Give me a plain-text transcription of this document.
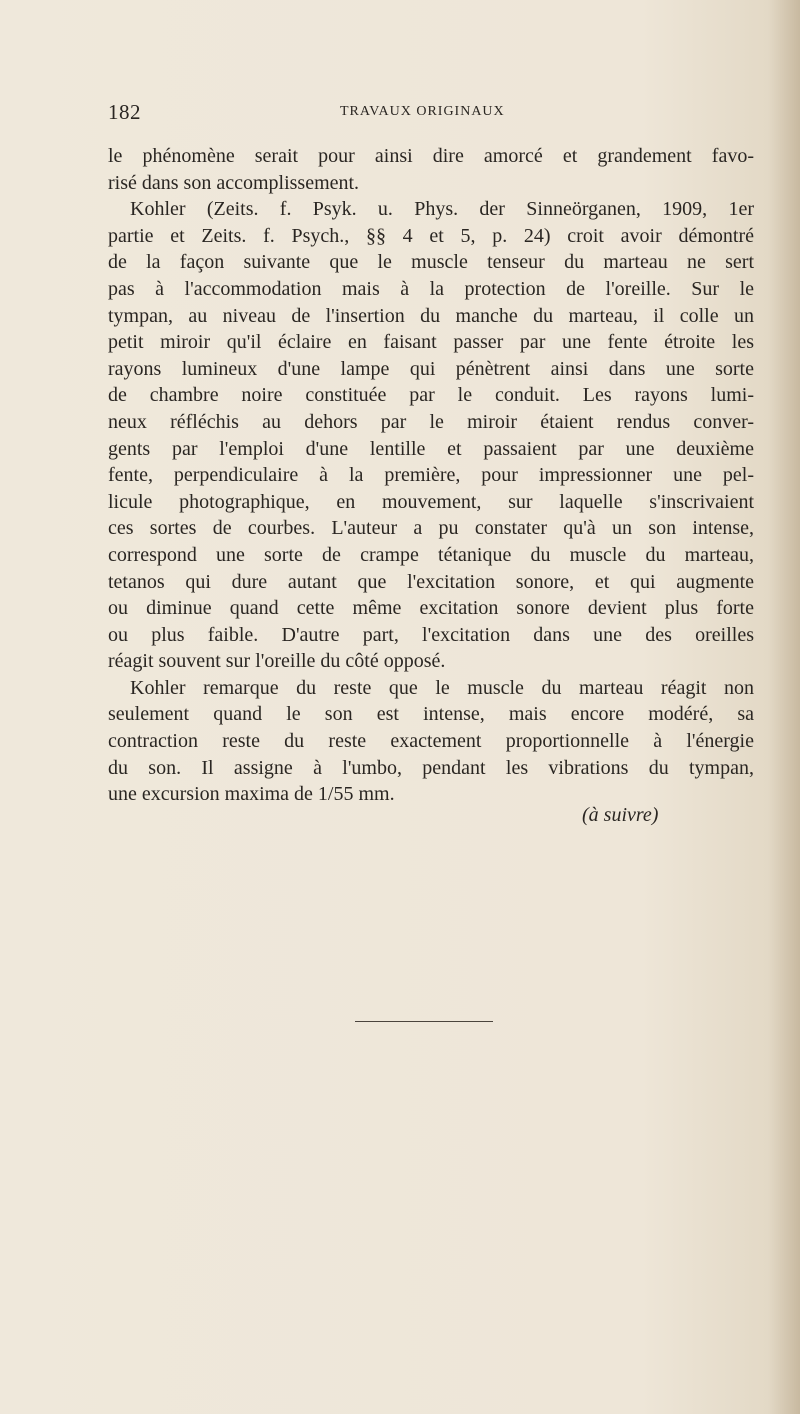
182	TRAVAUX ORIGINAUX
le phénomène serait pour ainsi dire amorcé et grandement favo-
risé dans son accomplissement.
Kohler (Zeits. f. Psyk. u. Phys. der Sinneörganen, 1909, 1er
partie et Zeits. f. Psych., §§ 4 et 5, p. 24) croit avoir démontré
de la façon suivante que le muscle tenseur du marteau ne sert
pas à l'accommodation mais à la protection de l'oreille. Sur le
tympan, au niveau de l'insertion du manche du marteau, il colle un
petit miroir qu'il éclaire en faisant passer par une fente étroite les
rayons lumineux d'une lampe qui pénètrent ainsi dans une sorte
de chambre noire constituée par le conduit. Les rayons lumi-
neux réfléchis au dehors par le miroir étaient rendus conver-
gents par l'emploi d'une lentille et passaient par une deuxième
fente, perpendiculaire à la première, pour impressionner une pel-
licule photographique, en mouvement, sur laquelle s'inscrivaient
ces sortes de courbes. L'auteur a pu constater qu'à un son intense,
correspond une sorte de crampe tétanique du muscle du marteau,
tetanos qui dure autant que l'excitation sonore, et qui augmente
ou diminue quand cette même excitation sonore devient plus forte
ou plus faible. D'autre part, l'excitation dans une des oreilles
réagit souvent sur l'oreille du côté opposé.
Kohler remarque du reste que le muscle du marteau réagit non
seulement quand le son est intense, mais encore modéré, sa
contraction reste du reste exactement proportionnelle à l'énergie
du son. Il assigne à l'umbo, pendant les vibrations du tympan,
une excursion maxima de 1/55 mm.
(à suivre)
